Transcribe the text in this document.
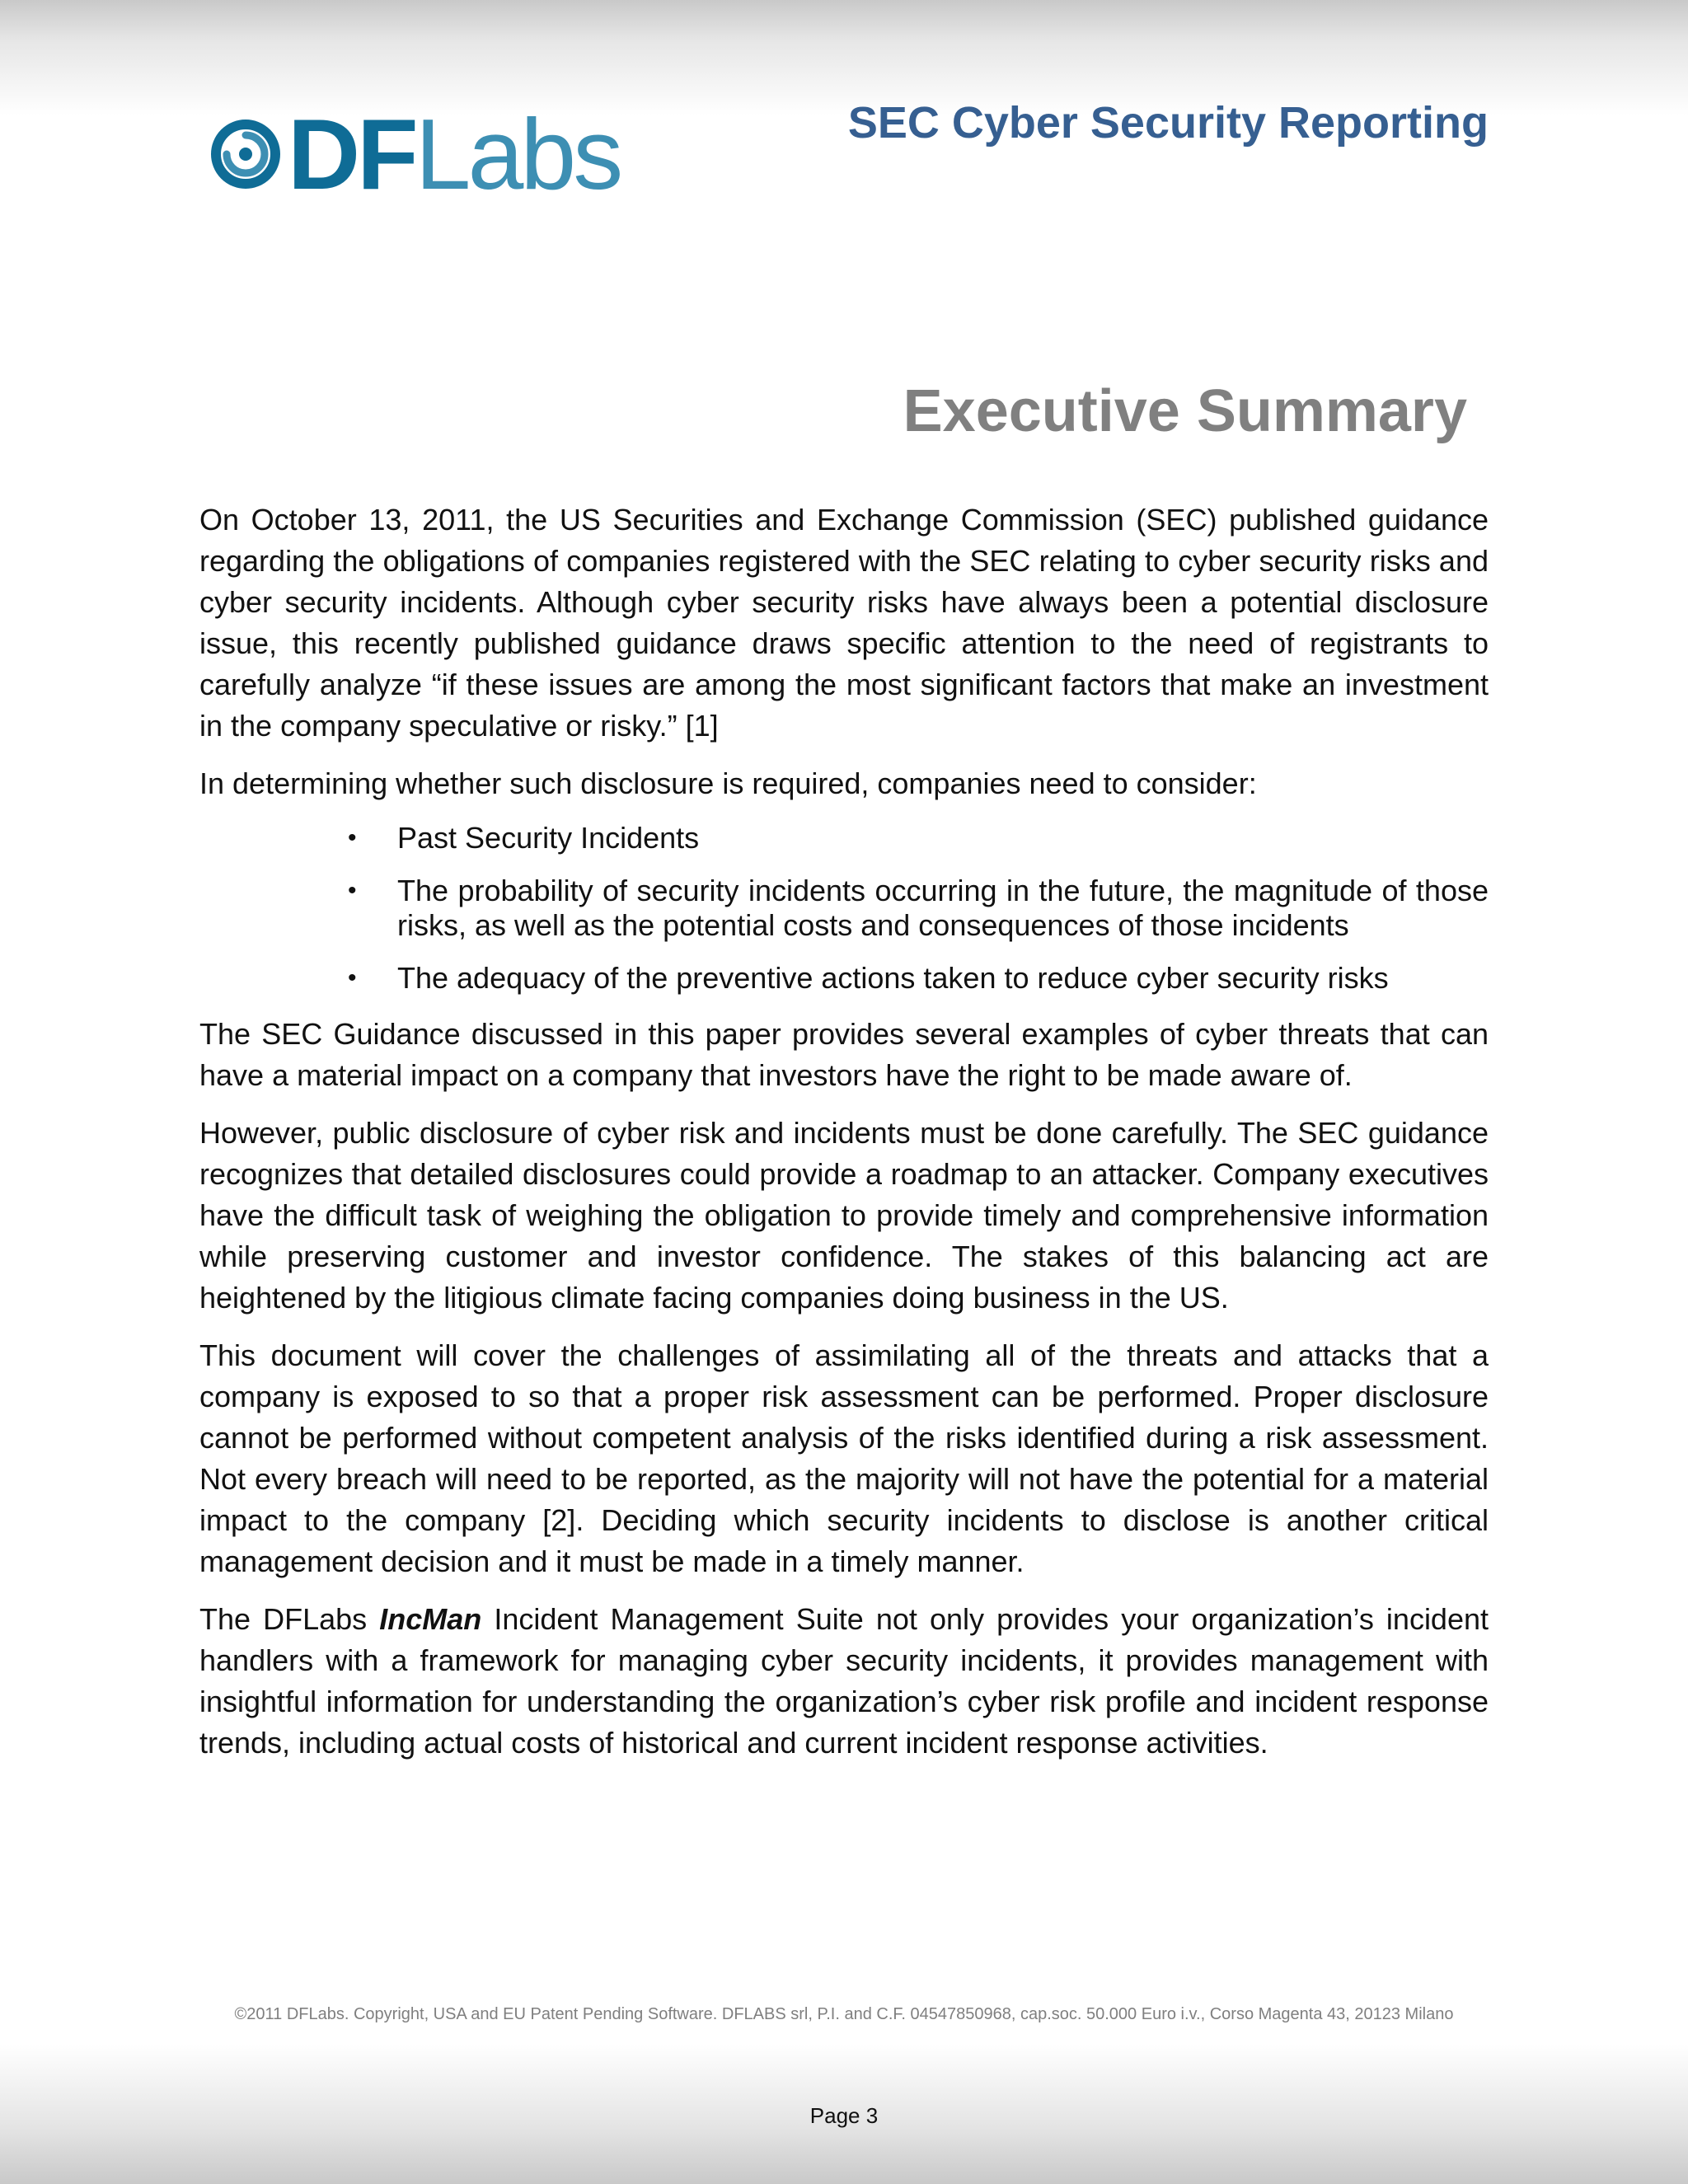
DF Labs	SEC Cyber Security Reporting
Executive Summary

On October 13, 2011, the US Securities and Exchange Commission (SEC) published guidance regarding the obligations of companies registered with the SEC relating to cyber security risks and cyber security incidents. Although cyber security risks have always been a potential disclosure issue, this recently published guidance draws specific attention to the need of registrants to carefully analyze “if these issues are among the most significant factors that make an investment in the company speculative or risky.” [1]

In determining whether such disclosure is required, companies need to consider:

• Past Security Incidents
• The probability of security incidents occurring in the future, the magnitude of those risks, as well as the potential costs and consequences of those incidents
• The adequacy of the preventive actions taken to reduce cyber security risks

The SEC Guidance discussed in this paper provides several examples of cyber threats that can have a material impact on a company that investors have the right to be made aware of.

However, public disclosure of cyber risk and incidents must be done carefully. The SEC guidance recognizes that detailed disclosures could provide a roadmap to an attacker. Company executives have the difficult task of weighing the obligation to provide timely and comprehensive information while preserving customer and investor confidence. The stakes of this balancing act are heightened by the litigious climate facing companies doing business in the US.

This document will cover the challenges of assimilating all of the threats and attacks that a company is exposed to so that a proper risk assessment can be performed. Proper disclosure cannot be performed without competent analysis of the risks identified during a risk assessment. Not every breach will need to be reported, as the majority will not have the potential for a material impact to the company [2]. Deciding which security incidents to disclose is another critical management decision and it must be made in a timely manner.

The DFLabs IncMan Incident Management Suite not only provides your organization’s incident handlers with a framework for managing cyber security incidents, it provides management with insightful information for understanding the organization’s cyber risk profile and incident response trends, including actual costs of historical and current incident response activities.

©2011 DFLabs. Copyright, USA and EU Patent Pending Software. DFLABS srl, P.I. and C.F. 04547850968, cap.soc. 50.000 Euro i.v., Corso Magenta 43, 20123 Milano
Page 3
